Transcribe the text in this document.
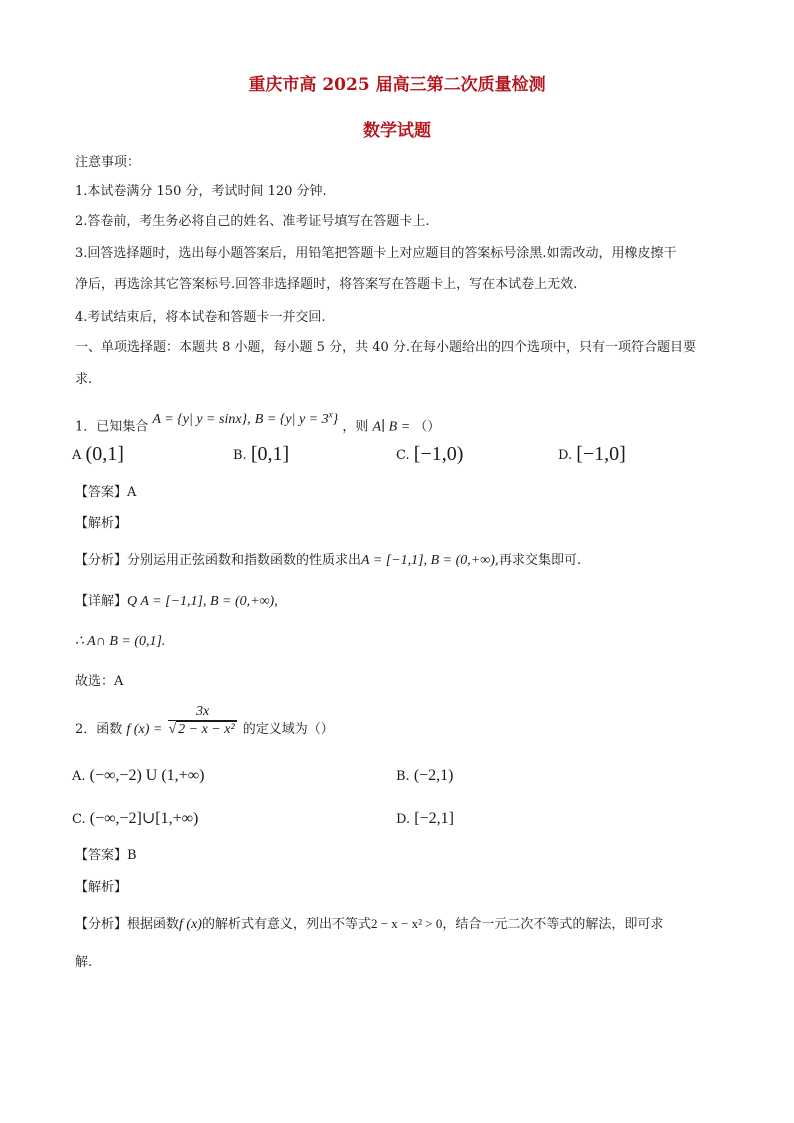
重庆市高 2025 届高三第二次质量检测
数学试题
注意事项：
1.本试卷满分 150 分，考试时间 120 分钟.
2.答卷前，考生务必将自己的姓名、准考证号填写在答题卡上.
3.回答选择题时，选出每小题答案后，用铅笔把答题卡上对应题目的答案标号涂黑.如需改动，用橡皮擦干
净后，再选涂其它答案标号.回答非选择题时，将答案写在答题卡上，写在本试卷上无效.
4.考试结束后，将本试卷和答题卡一并交回.
一、单项选择题：本题共 8 小题，每小题 5 分，共 40 分.在每小题给出的四个选项中，只有一项符合题目要
求.
1．已知集合 A = {y| y = sinx}, B = {y| $y = 3^x$} ，则 A∣ B = （）
A (0,1]	B. [0,1]	C. [−1,0)	D. [−1,0]
【答案】A
【解析】
【分析】分别运用正弦函数和指数函数的性质求出A = [−1,1], B = (0,+∞),再求交集即可.
【详解】Q A = [−1,1], B = (0,+∞),
∴ A∩ B = (0,1].
故选：A
2．函数 f $(x) = \frac{3x}{\text{√ 2 − x − x²}}$ 的定义域为（）
A. (−∞,−2) U (1,+∞)	B. (−2,1)
C. (−∞,−2]∪[1,+∞)	D. [−2,1]
【答案】B
【解析】
【分析】根据函数f (x)的解析式有意义，列出不等式2 − x − x² > 0，结合一元二次不等式的解法，即可求
解.
